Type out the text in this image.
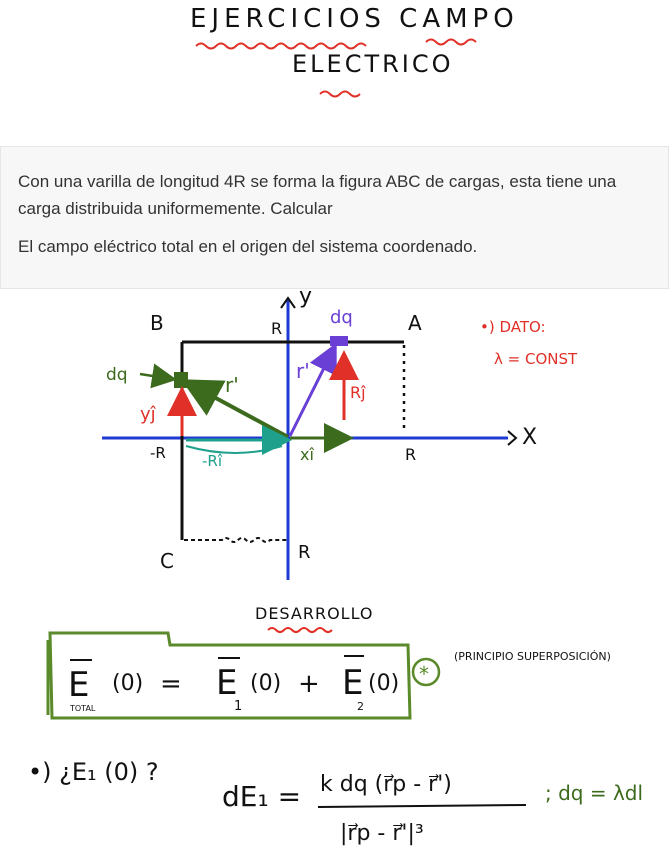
EJERCICIOS CAMPO
ELECTRICO

Con una varilla de longitud 4R se forma la figura ABC de cargas, esta tiene una carga distribuida uniformemente. Calcular

El campo eléctrico total en el origen del sistema coordenado.

y
X
B	A
C
R
R
-R
R
dq
dq	r'
r'
yĵ
Rĵ
-Rî	xî
•) DATO:
λ = CONST
DESARROLLO
E
TOTAL
(0) = E
1
(0) + E
2
(0) *
(PRINCIPIO SUPERPOSICIÓN)
•) ¿E₁ (0) ?
dE₁ = k dq (r⃗p - r⃗')
|r⃗p - r⃗'|³
; dq = λdl
